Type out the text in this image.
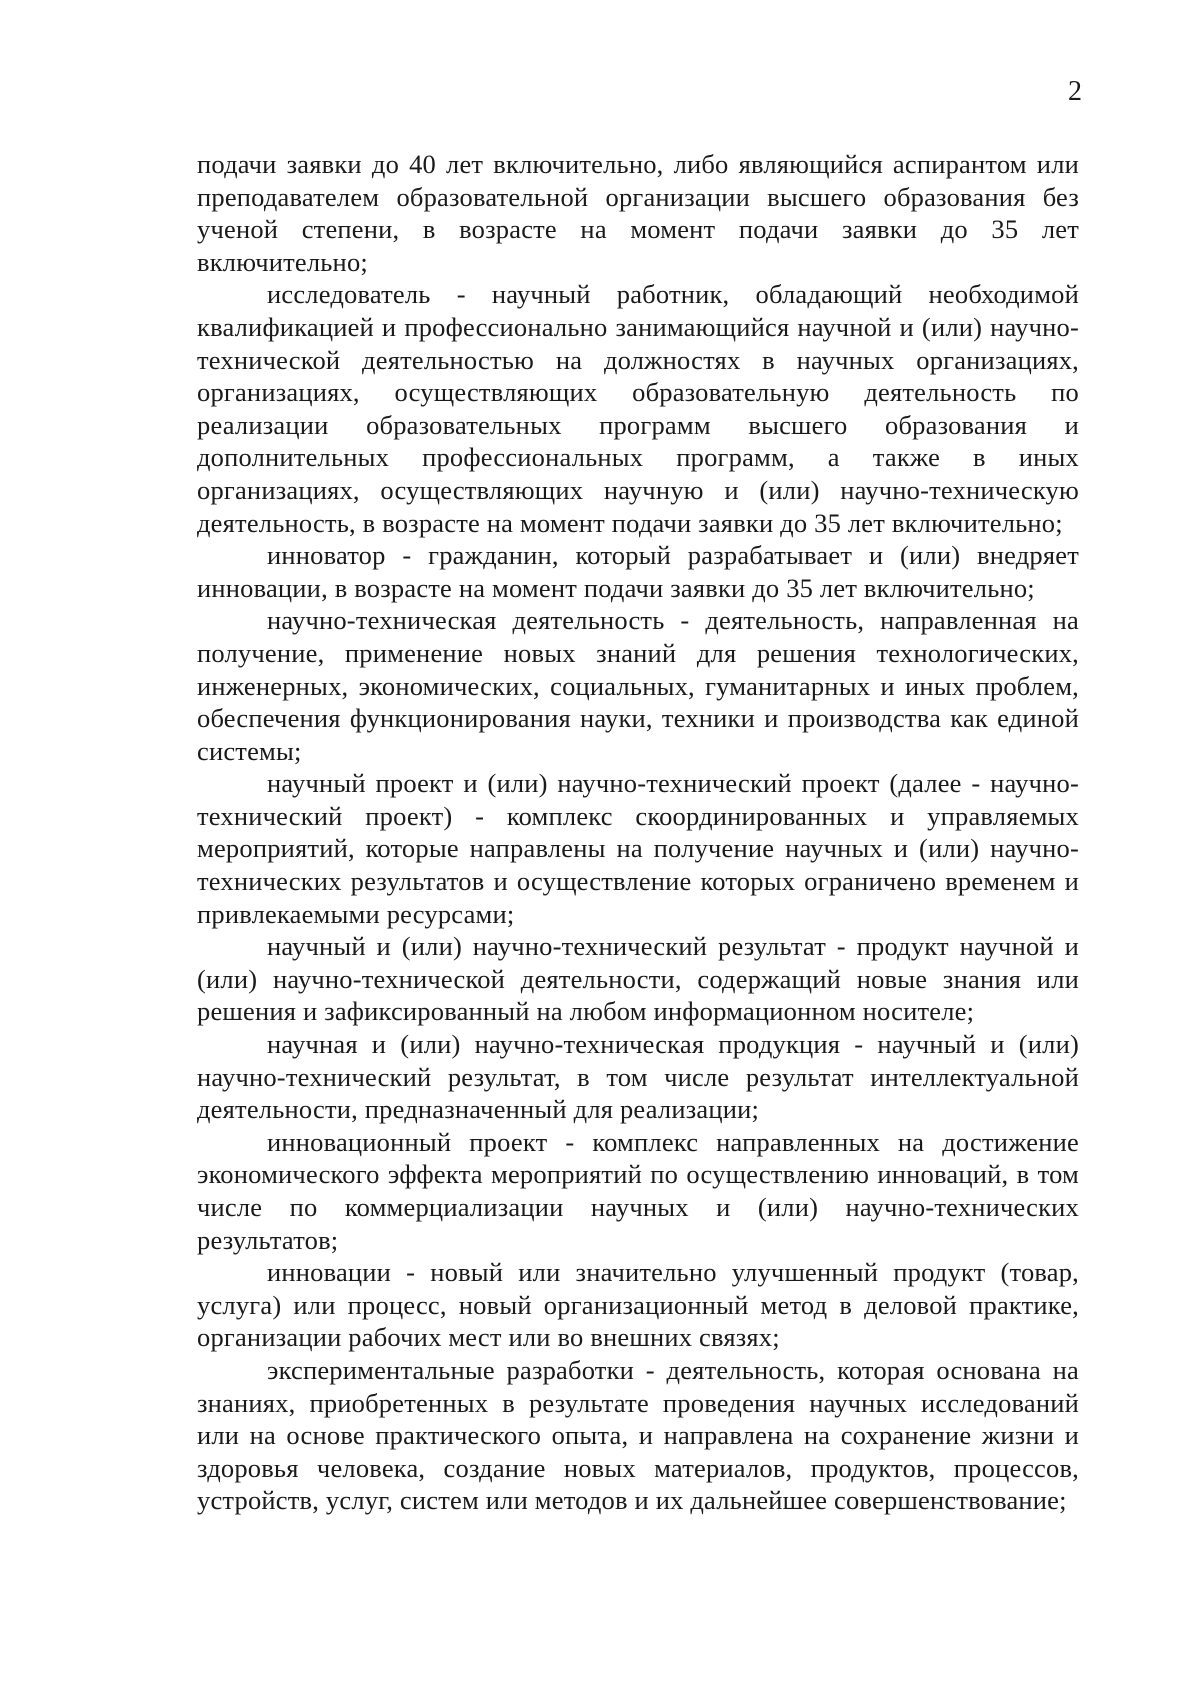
2

подачи заявки до 40 лет включительно, либо являющийся аспирантом или преподавателем образовательной организации высшего образования без ученой степени, в возрасте на момент подачи заявки до 35 лет включительно;

исследователь - научный работник, обладающий необходимой квалификацией и профессионально занимающийся научной и (или) научно-технической деятельностью на должностях в научных организациях, организациях, осуществляющих образовательную деятельность по реализации образовательных программ высшего образования и дополнительных профессиональных программ, а также в иных организациях, осуществляющих научную и (или) научно-техническую деятельность, в возрасте на момент подачи заявки до 35 лет включительно;

инноватор - гражданин, который разрабатывает и (или) внедряет инновации, в возрасте на момент подачи заявки до 35 лет включительно;

научно-техническая деятельность - деятельность, направленная на получение, применение новых знаний для решения технологических, инженерных, экономических, социальных, гуманитарных и иных проблем, обеспечения функционирования науки, техники и производства как единой системы;

научный проект и (или) научно-технический проект (далее - научно-технический проект) - комплекс скоординированных и управляемых мероприятий, которые направлены на получение научных и (или) научно-технических результатов и осуществление которых ограничено временем и привлекаемыми ресурсами;

научный и (или) научно-технический результат - продукт научной и (или) научно-технической деятельности, содержащий новые знания или решения и зафиксированный на любом информационном носителе;

научная и (или) научно-техническая продукция - научный и (или) научно-технический результат, в том числе результат интеллектуальной деятельности, предназначенный для реализации;

инновационный проект - комплекс направленных на достижение экономического эффекта мероприятий по осуществлению инноваций, в том числе по коммерциализации научных и (или) научно-технических результатов;

инновации - новый или значительно улучшенный продукт (товар, услуга) или процесс, новый организационный метод в деловой практике, организации рабочих мест или во внешних связях;

экспериментальные разработки - деятельность, которая основана на знаниях, приобретенных в результате проведения научных исследований или на основе практического опыта, и направлена на сохранение жизни и здоровья человека, создание новых материалов, продуктов, процессов, устройств, услуг, систем или методов и их дальнейшее совершенствование;
